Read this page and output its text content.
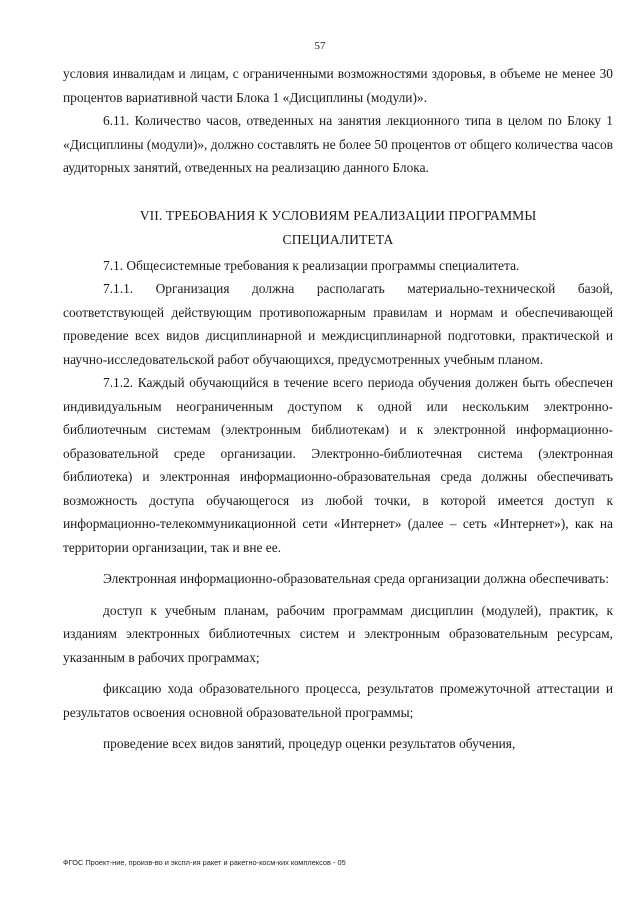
57

условия инвалидам и лицам, с ограниченными возможностями здоровья, в объеме не менее 30 процентов вариативной части Блока 1 «Дисциплины (модули)».

6.11. Количество часов, отведенных на занятия лекционного типа в целом по Блоку 1 «Дисциплины (модули)», должно составлять не более 50 процентов от общего количества часов аудиторных занятий, отведенных на реализацию данного Блока.

VII. ТРЕБОВАНИЯ К УСЛОВИЯМ РЕАЛИЗАЦИИ ПРОГРАММЫ
СПЕЦИАЛИТЕТА

7.1. Общесистемные требования к реализации программы специалитета.

7.1.1. Организация должна располагать материально-технической базой, соответствующей действующим противопожарным правилам и нормам и обеспечивающей проведение всех видов дисциплинарной и междисциплинарной подготовки, практической и научно-исследовательской работ обучающихся, предусмотренных учебным планом.

7.1.2. Каждый обучающийся в течение всего периода обучения должен быть обеспечен индивидуальным неограниченным доступом к одной или нескольким электронно-библиотечным системам (электронным библиотекам) и к электронной информационно-образовательной среде организации. Электронно-библиотечная система (электронная библиотека) и электронная информационно-образовательная среда должны обеспечивать возможность доступа обучающегося из любой точки, в которой имеется доступ к информационно-телекоммуникационной сети «Интернет» (далее – сеть «Интернет»), как на территории организации, так и вне ее.

Электронная информационно-образовательная среда организации должна обеспечивать:

доступ к учебным планам, рабочим программам дисциплин (модулей), практик, к изданиям электронных библиотечных систем и электронным образовательным ресурсам, указанным в рабочих программах;

фиксацию хода образовательного процесса, результатов промежуточной аттестации и результатов освоения основной образовательной программы;

проведение всех видов занятий, процедур оценки результатов обучения,

ФГОС Проект-ние, произв-во и экспл-ия ракет и ракетно-косм-ких комплексов - 05
